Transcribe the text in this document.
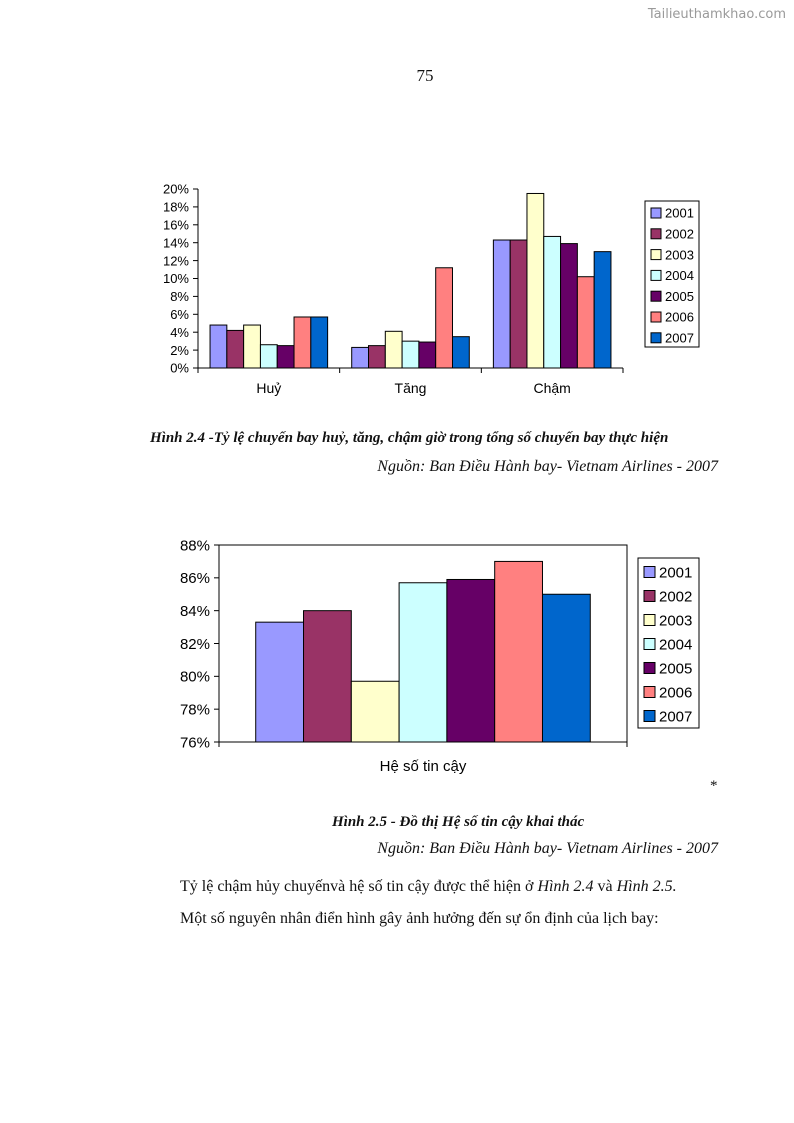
Tailieuthamkhao.com
75
0%
2%
4%
6%
8%
10%
12%
14%
16%
18%
20%
Huỷ	Tăng	Chậm
2001
2002
2003
2004
2005
2006
2007
Hình 2.4 -Tỷ lệ chuyến bay huỷ, tăng, chậm giờ trong tổng số chuyến bay thực hiện
Nguồn: Ban Điều Hành bay- Vietnam Airlines - 2007
76%
78%
80%
82%
84%
86%
88%
Hệ số tin cậy
2001
2002
2003
2004
2005
2006
2007
*
Hình 2.5 - Đồ thị Hệ số tin cậy khai thác
Nguồn: Ban Điều Hành bay- Vietnam Airlines - 2007
Tỷ lệ chậm hủy chuyếnvà hệ số tin cậy được thể hiện ở Hình 2.4 và Hình 2.5.
Một số nguyên nhân điển hình gây ảnh hưởng đến sự ổn định của lịch bay:
